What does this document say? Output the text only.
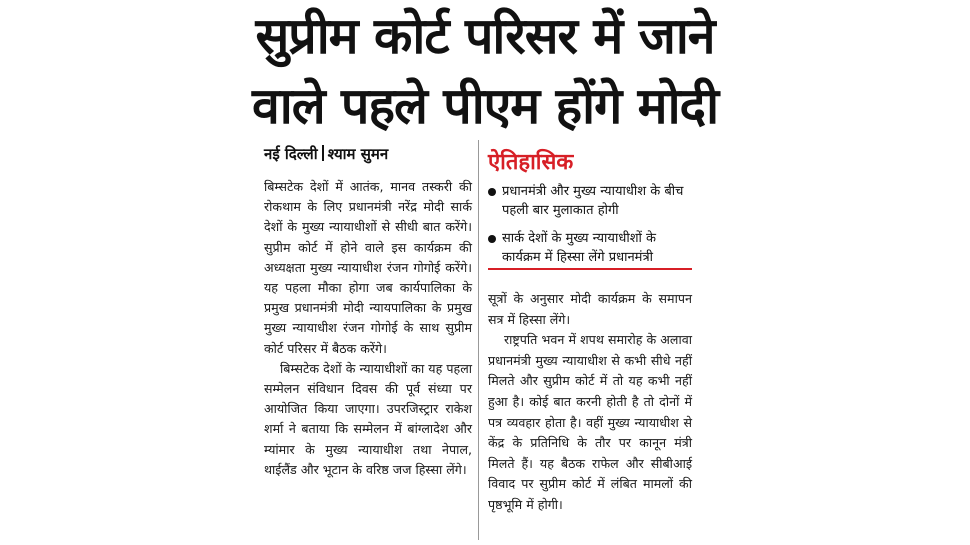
सुप्रीम कोर्ट परिसर में जाने
वाले पहले पीएम होंगे मोदी
नई दिल्ली श्याम सुमन

बिम्सटेक देशों में आतंक, मानव तस्करी की रोकथाम के लिए प्रधानमंत्री नरेंद्र मोदी सार्क देशों के मुख्य न्यायाधीशों से सीधी बात करेंगे। सुप्रीम कोर्ट में होने वाले इस कार्यक्रम की अध्यक्षता मुख्य न्यायाधीश रंजन गोगोई करेंगे। यह पहला मौका होगा जब कार्यपालिका के प्रमुख प्रधानमंत्री मोदी न्यायपालिका के प्रमुख मुख्य न्यायाधीश रंजन गोगोई के साथ सुप्रीम कोर्ट परिसर में बैठक करेंगे।

बिम्सटेक देशों के न्यायाधीशों का यह पहला सम्मेलन संविधान दिवस की पूर्व संध्या पर आयोजित किया जाएगा। उपरजिस्ट्रार राकेश शर्मा ने बताया कि सम्मेलन में बांग्लादेश और म्यांमार के मुख्य न्यायाधीश तथा नेपाल, थाईलैंड और भूटान के वरिष्ठ जज हिस्सा लेंगे।

ऐतिहासिक
प्रधानमंत्री और मुख्य न्यायाधीश के बीच पहली बार मुलाकात होगी
सार्क देशों के मुख्य न्यायाधीशों के कार्यक्रम में हिस्सा लेंगे प्रधानमंत्री

सूत्रों के अनुसार मोदी कार्यक्रम के समापन सत्र में हिस्सा लेंगे।

राष्ट्रपति भवन में शपथ समारोह के अलावा प्रधानमंत्री मुख्य न्यायाधीश से कभी सीधे नहीं मिलते और सुप्रीम कोर्ट में तो यह कभी नहीं हुआ है। कोई बात करनी होती है तो दोनों में पत्र व्यवहार होता है। वहीं मुख्य न्यायाधीश से केंद्र के प्रतिनिधि के तौर पर कानून मंत्री मिलते हैं। यह बैठक राफेल और सीबीआई विवाद पर सुप्रीम कोर्ट में लंबित मामलों की पृष्ठभूमि में होगी।
